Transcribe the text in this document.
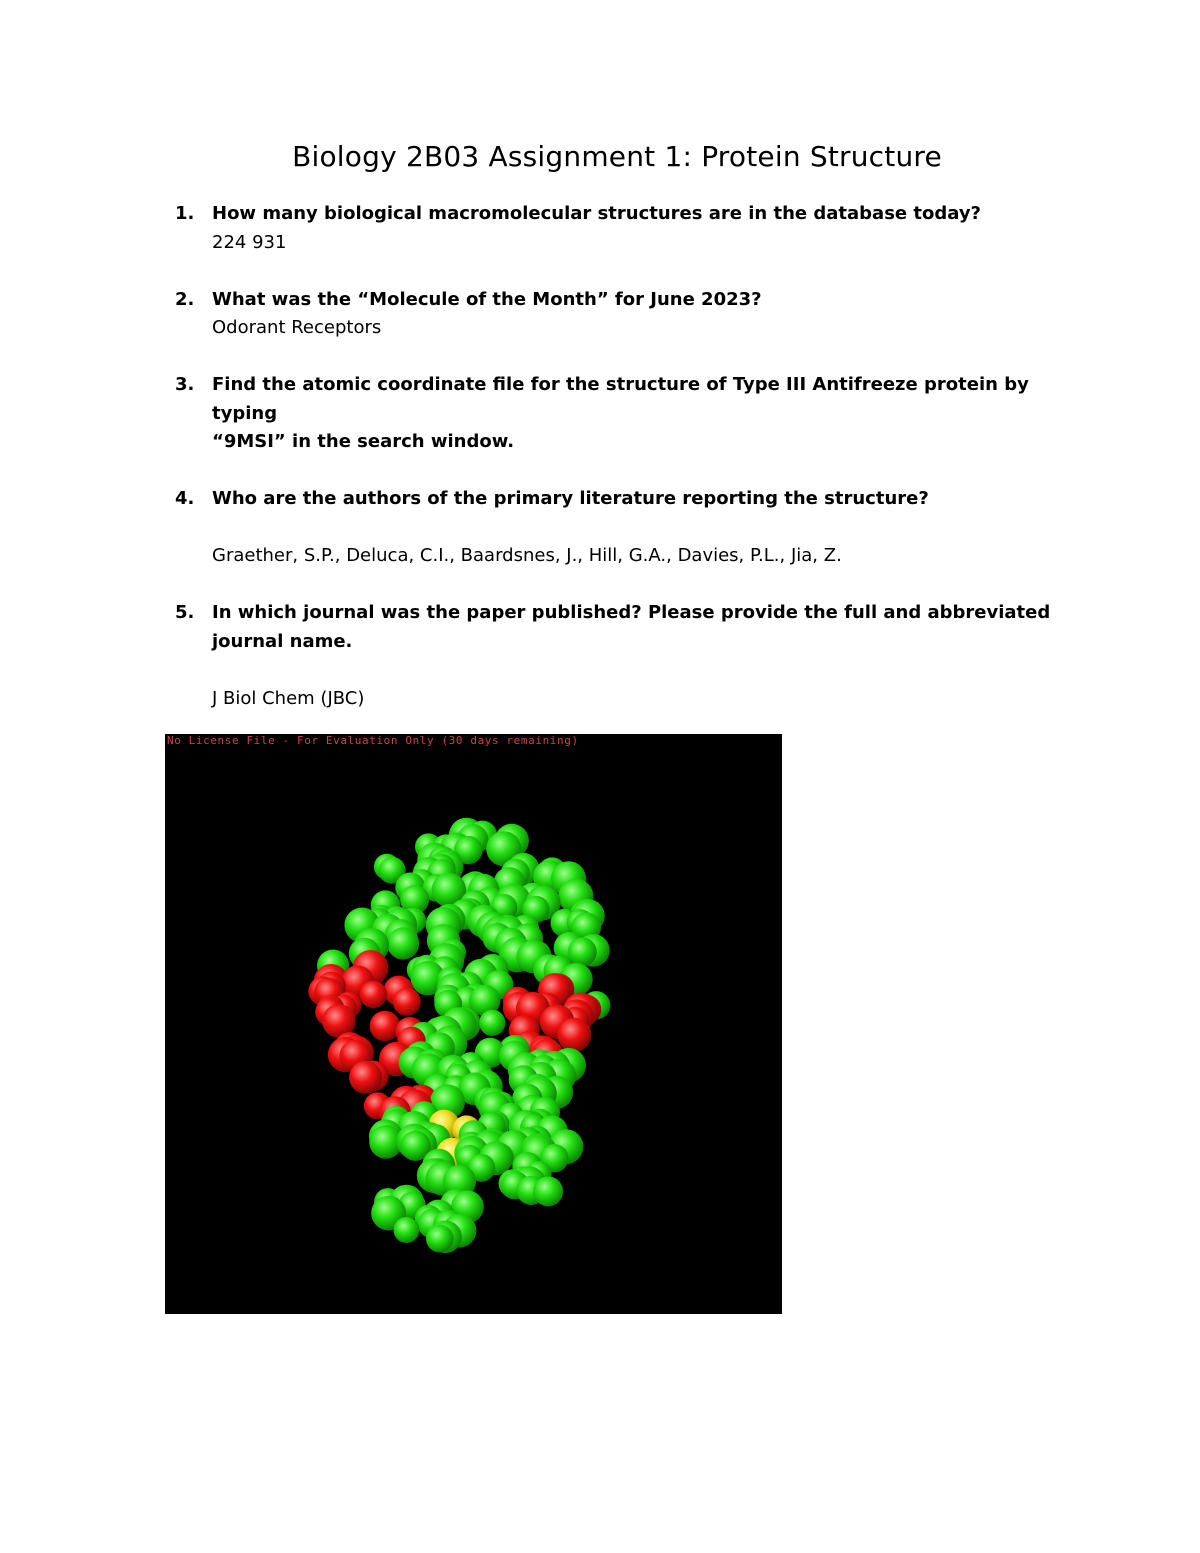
Biology 2B03 Assignment 1: Protein Structure
1. How many biological macromolecular structures are in the database today?
224 931
2. What was the “Molecule of the Month” for June 2023?
Odorant Receptors
3. Find the atomic coordinate file for the structure of Type III Antifreeze protein by typing
“9MSI” in the search window.
4. Who are the authors of the primary literature reporting the structure?
Graether, S.P., Deluca, C.I., Baardsnes, J., Hill, G.A., Davies, P.L., Jia, Z.
5. In which journal was the paper published? Please provide the full and abbreviated
journal name.
J Biol Chem (JBC)
No License File - For Evaluation Only (30 days remaining)
